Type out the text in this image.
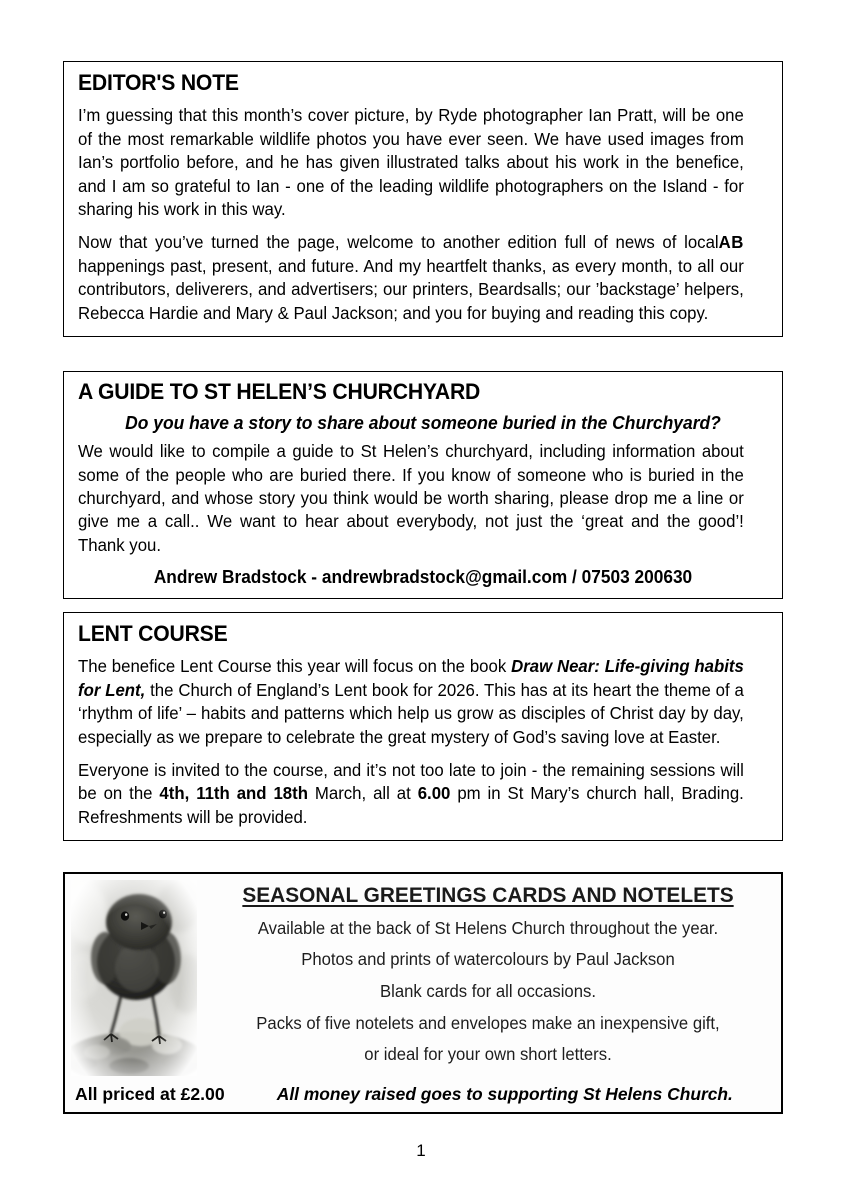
EDITOR'S NOTE

I’m guessing that this month’s cover picture, by Ryde photographer Ian Pratt, will be one of the most remarkable wildlife photos you have ever seen. We have used images from Ian’s portfolio before, and he has given illustrated talks about his work in the benefice, and I am so grateful to Ian - one of the leading wildlife photographers on the Island - for sharing his work in this way.

AB
Now that you’ve turned the page, welcome to another edition full of news of local happenings past, present, and future. And my heartfelt thanks, as every month, to all our contributors, deliverers, and advertisers; our printers, Beardsalls; our ’backstage’ helpers, Rebecca Hardie and Mary & Paul Jackson; and you for buying and reading this copy.

A GUIDE TO ST HELEN’S CHURCHYARD

Do you have a story to share about someone buried in the Churchyard?

We would like to compile a guide to St Helen’s churchyard, including information about some of the people who are buried there. If you know of someone who is buried in the churchyard, and whose story you think would be worth sharing, please drop me a line or give me a call.. We want to hear about everybody, not just the ‘great and the good’! Thank you.

Andrew Bradstock - andrewbradstock@gmail.com / 07503 200630

LENT COURSE

The benefice Lent Course this year will focus on the book Draw Near: Life-giving habits for Lent, the Church of England’s Lent book for 2026. This has at its heart the theme of a ‘rhythm of life’ – habits and patterns which help us grow as disciples of Christ day by day, especially as we prepare to celebrate the great mystery of God’s saving love at Easter.

Everyone is invited to the course, and it’s not too late to join - the remaining sessions will be on the 4th, 11th and 18th March, all at 6.00 pm in St Mary’s church hall, Brading. Refreshments will be provided.

SEASONAL GREETINGS CARDS AND NOTELETS
Available at the back of St Helens Church throughout the year.
Photos and prints of watercolours by Paul Jackson
Blank cards for all occasions.
Packs of five notelets and envelopes make an inexpensive gift,
or ideal for your own short letters.
All priced at £2.00	All money raised goes to supporting St Helens Church.
1
